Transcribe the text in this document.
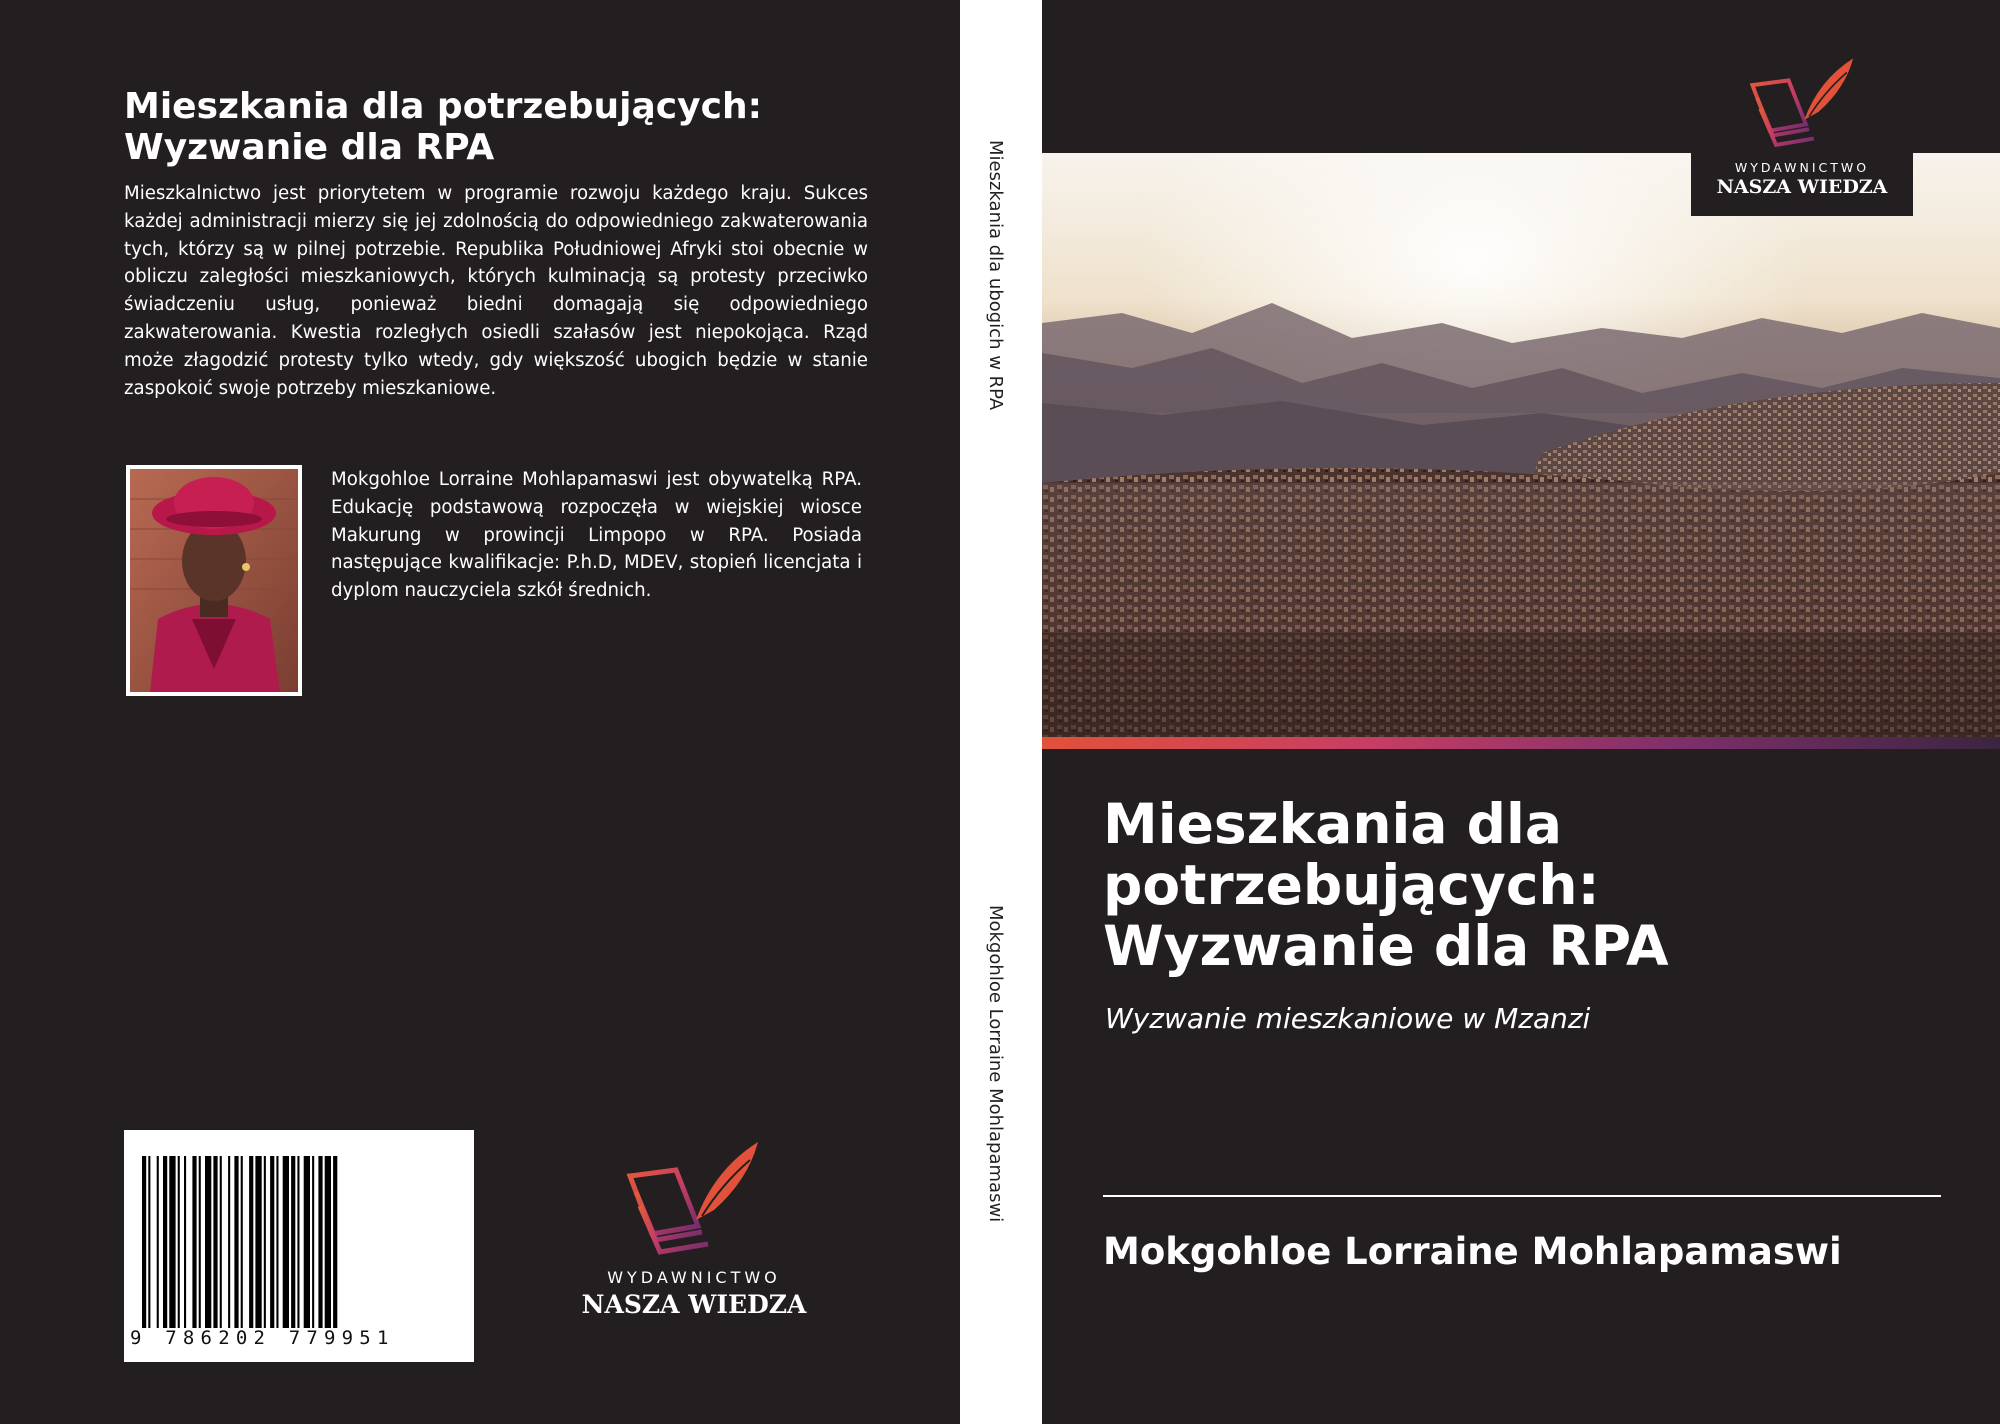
Mieszkania dla potrzebujących: Wyzwanie dla RPA

Mieszkalnictwo jest priorytetem w programie rozwoju każdego kraju. Sukces każdej administracji mierzy się jej zdolnością do odpowiedniego zakwaterowania tych, którzy są w pilnej potrzebie. Republika Południowej Afryki stoi obecnie w obliczu zaległości mieszkaniowych, których kulminacją są protesty przeciwko świadczeniu usług, ponieważ biedni domagają się odpowiedniego zakwaterowania. Kwestia rozległych osiedli szałasów jest niepokojąca. Rząd może złagodzić protesty tylko wtedy, gdy większość ubogich będzie w stanie zaspokoić swoje potrzeby mieszkaniowe.

Mokgohloe Lorraine Mohlapamaswi jest obywatelką RPA. Edukację podstawową rozpoczęła w wiejskiej wiosce Makurung w prowincji Limpopo w RPA. Posiada następujące kwalifikacje: P.h.D, MDEV, stopień licencjata i dyplom nauczyciela szkół średnich.

9 786202 779951
WYDAWNICTWO
NASZA WIEDZA
Mieszkania dla ubogich w RPA
Mokgohloe Lorraine Mohlapamaswi
WYDAWNICTWO
NASZA WIEDZA
Mieszkania dla
potrzebujących:
Wyzwanie dla RPA

Wyzwanie mieszkaniowe w Mzanzi

Mokgohloe Lorraine Mohlapamaswi
